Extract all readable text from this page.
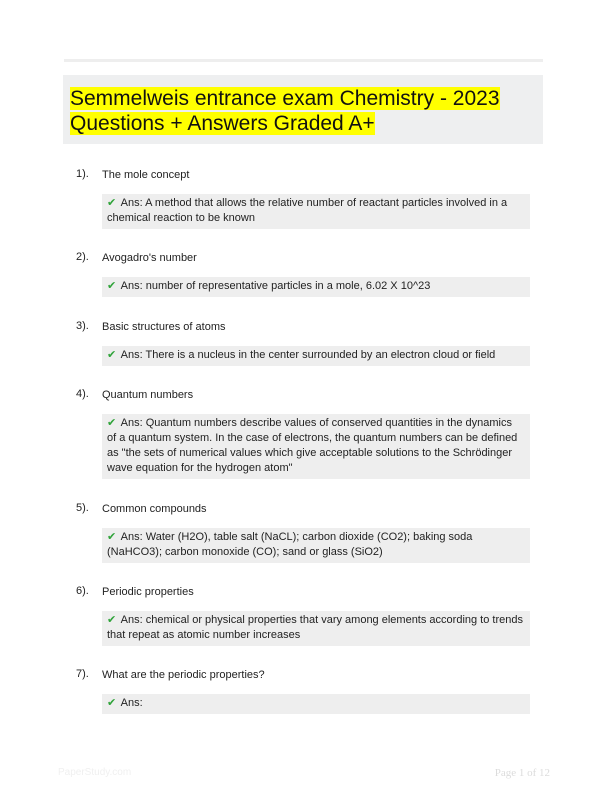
Semmelweis entrance exam Chemistry - 2023
Questions + Answers Graded A+
1). The mole concept
✔ Ans: A method that allows the relative number of reactant particles involved in a chemical reaction to be known
2). Avogadro's number
✔ Ans: number of representative particles in a mole, 6.02 X 10^23
3). Basic structures of atoms
✔ Ans: There is a nucleus in the center surrounded by an electron cloud or field
4). Quantum numbers
✔ Ans: Quantum numbers describe values of conserved quantities in the dynamics of a quantum system. In the case of electrons, the quantum numbers can be defined as "the sets of numerical values which give acceptable solutions to the Schrödinger wave equation for the hydrogen atom"
5). Common compounds
✔ Ans: Water (H2O), table salt (NaCL); carbon dioxide (CO2); baking soda (NaHCO3); carbon monoxide (CO); sand or glass (SiO2)
6). Periodic properties
✔ Ans: chemical or physical properties that vary among elements according to trends that repeat as atomic number increases
7). What are the periodic properties?
✔ Ans:
PaperStudy.com	Page 1 of 12
